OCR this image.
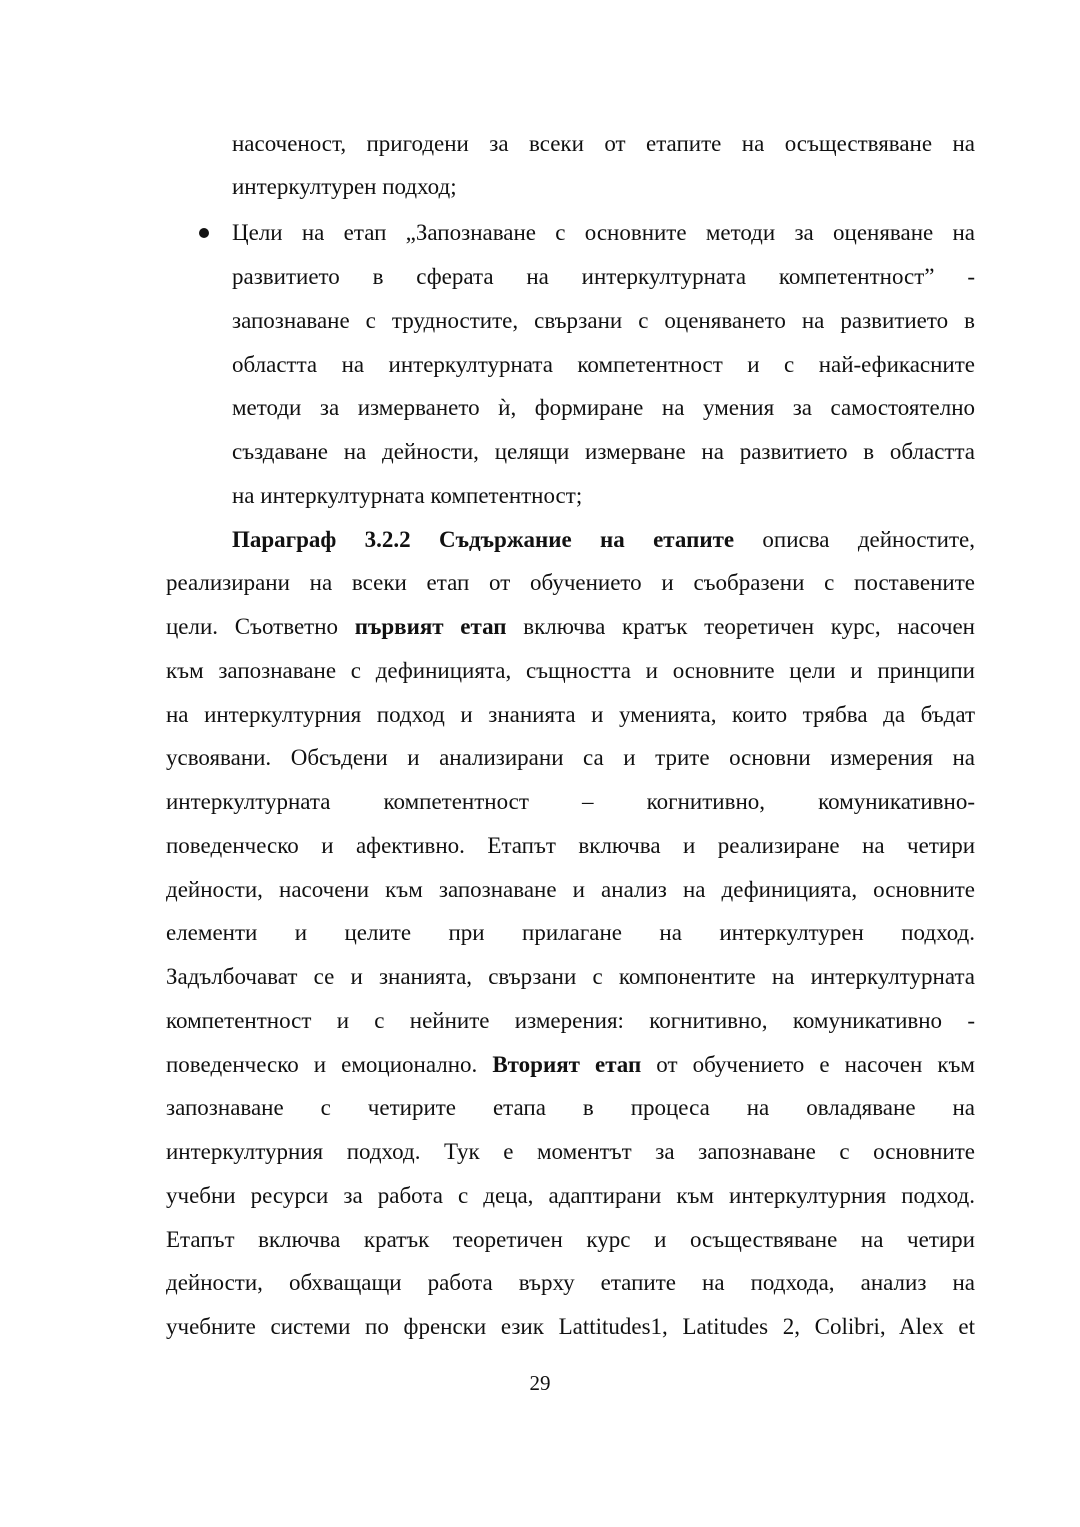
насоченост, пригодени за всеки от етапите на осъществяване на
интеркултурен подход;
Цели на етап „Запознаване с основните методи за оценяване на
развитието в сферата на интеркултурната компетентност” -
запознаване с трудностите, свързани с оценяването на развитието в
областта на интеркултурната компетентност и с най-ефикасните
методи за измерването ѝ, формиране на умения за самостоятелно
създаване на дейности, целящи измерване на развитието в областта
на интеркултурната компетентност;
Параграф 3.2.2 Съдържание на етапите описва дейностите,
реализирани на всеки етап от обучението и съобразени с поставените
цели. Съответно първият етап включва кратък теоретичен курс, насочен
към запознаване с дефиницията, същността и основните цели и принципи
на интеркултурния подход и знанията и уменията, които трябва да бъдат
усвоявани. Обсъдени и анализирани са и трите основни измерения на
интеркултурната компетентност – когнитивно, комуникативно-
поведенческо и афективно. Етапът включва и реализиране на четири
дейности, насочени към запознаване и анализ на дефиницията, основните
елементи и целите при прилагане на интеркултурен подход.
Задълбочават се и знанията, свързани с компонентите на интеркултурната
компетентност и с нейните измерения: когнитивно, комуникативно -
поведенческо и емоционално. Вторият етап от обучението е насочен към
запознаване с четирите етапа в процеса на овладяване на
интеркултурния подход. Тук е моментът за запознаване с основните
учебни ресурси за работа с деца, адаптирани към интеркултурния подход.
Етапът включва кратък теоретичен курс и осъществяване на четири
дейности, обхващащи работа върху етапите на подхода, анализ на
учебните системи по френски език Lattitudes1, Latitudes 2, Colibri, Alex et
29
